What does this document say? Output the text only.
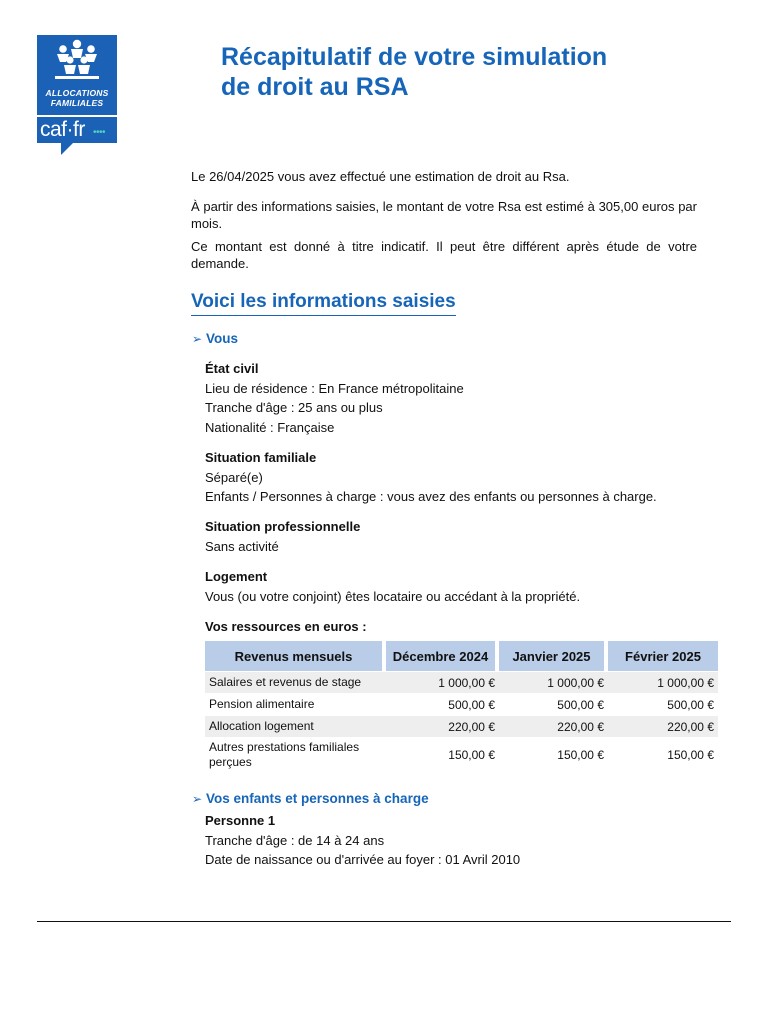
ALLOCATIONS
FAMILIALES
caf·fr ••••
Récapitulatif de votre simulation
de droit au RSA

Le 26/04/2025 vous avez effectué une estimation de droit au Rsa.

À partir des informations saisies, le montant de votre Rsa est estimé à 305,00 euros par mois.

Ce montant est donné à titre indicatif. Il peut être différent après étude de votre demande.

Voici les informations saisies
➢ Vous
État civil
Lieu de résidence : En France métropolitaine
Tranche d'âge : 25 ans ou plus
Nationalité : Française
Situation familiale
Séparé(e)
Enfants / Personnes à charge : vous avez des enfants ou personnes à charge.
Situation professionnelle
Sans activité
Logement
Vous (ou votre conjoint) êtes locataire ou accédant à la propriété.
Vos ressources en euros :
Revenus mensuels	Décembre 2024	Janvier 2025	Février 2025
Salaires et revenus de stage	1 000,00 €	1 000,00 €	1 000,00 €
Pension alimentaire	500,00 €	500,00 €	500,00 €
Allocation logement	220,00 €	220,00 €	220,00 €
Autres prestations familiales perçues	150,00 €	150,00 €	150,00 €
➢ Vos enfants et personnes à charge
Personne 1
Tranche d'âge : de 14 à 24 ans
Date de naissance ou d'arrivée au foyer : 01 Avril 2010
